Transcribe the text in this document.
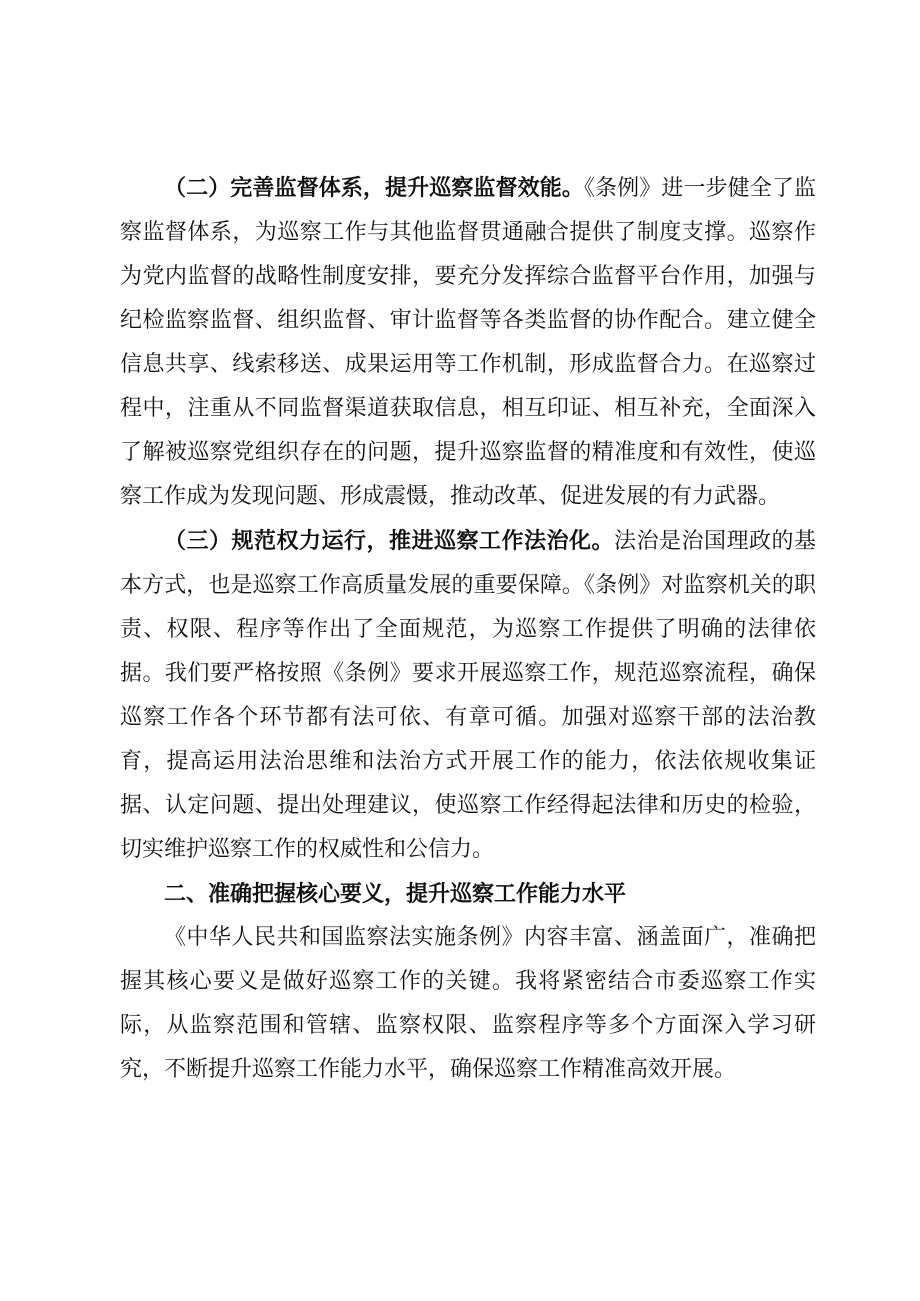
（二）完善监督体系，提升巡察监督效能。《条例》进一步健全了监察监督体系，为巡察工作与其他监督贯通融合提供了制度支撑。巡察作为党内监督的战略性制度安排，要充分发挥综合监督平台作用，加强与纪检监察监督、组织监督、审计监督等各类监督的协作配合。建立健全信息共享、线索移送、成果运用等工作机制，形成监督合力。在巡察过程中，注重从不同监督渠道获取信息，相互印证、相互补充，全面深入了解被巡察党组织存在的问题，提升巡察监督的精准度和有效性，使巡察工作成为发现问题、形成震慑，推动改革、促进发展的有力武器。

（三）规范权力运行，推进巡察工作法治化。法治是治国理政的基本方式，也是巡察工作高质量发展的重要保障。《条例》对监察机关的职责、权限、程序等作出了全面规范，为巡察工作提供了明确的法律依据。我们要严格按照《条例》要求开展巡察工作，规范巡察流程，确保巡察工作各个环节都有法可依、有章可循。加强对巡察干部的法治教育，提高运用法治思维和法治方式开展工作的能力，依法依规收集证据、认定问题、提出处理建议，使巡察工作经得起法律和历史的检验，切实维护巡察工作的权威性和公信力。

二、准确把握核心要义，提升巡察工作能力水平

《中华人民共和国监察法实施条例》内容丰富、涵盖面广，准确把握其核心要义是做好巡察工作的关键。我将紧密结合市委巡察工作实际，从监察范围和管辖、监察权限、监察程序等多个方面深入学习研究，不断提升巡察工作能力水平，确保巡察工作精准高效开展。
